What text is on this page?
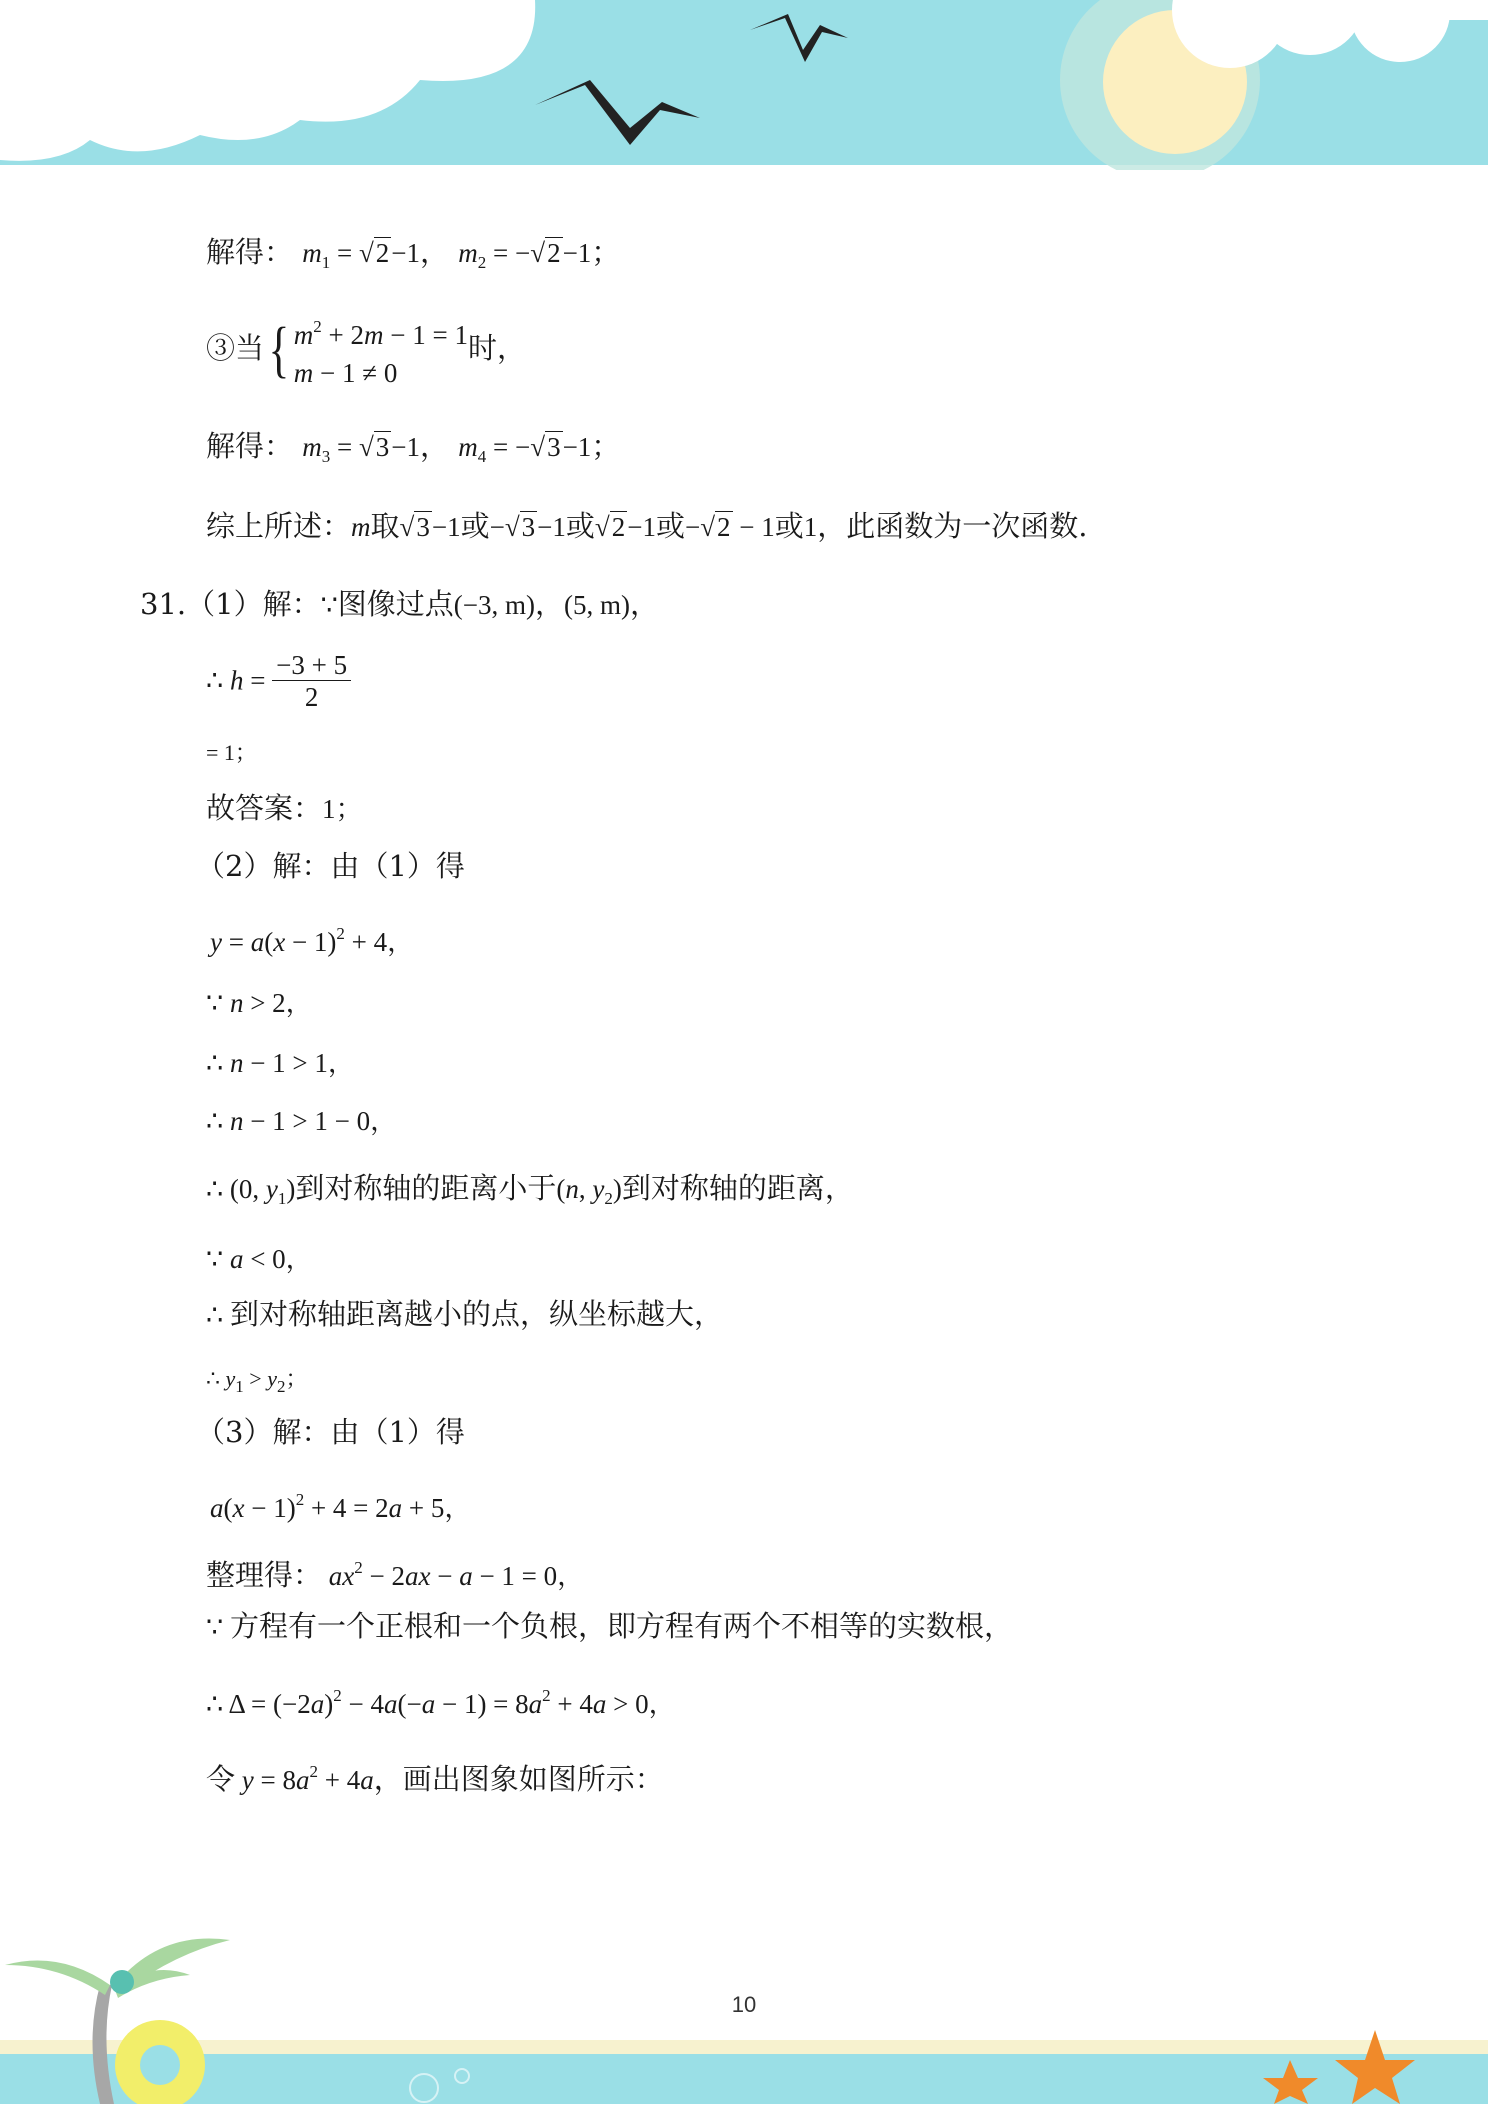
解得： $m_1 = √2-1$， $m_2 = -√2-1$；
③当 { $m^2 + 2m - 1 = 1$
m − 1 ≠ 0
时，
解得： $m_3 = √3-1$， $m_4 = -√3-1$；
综上所述：m取√3−1或−√3−1或√2−1或−√2 − 1或1，此函数为一次函数.
31.（1）解：∵图像过点(−3, m)，(5, m)，
∴ $h = \frac{-3 + 5}{2}$
= 1；
故答案：1；
（2）解：由（1）得
$y = a(x - 1)^2 + 4$，
∵ n > 2，
∴ n − 1 > 1，
∴ n − 1 > 1 − 0，
∴ (0, $y_1$)到对称轴的距离小于(n, $y_2$)到对称轴的距离，
∵ a < 0，
∴ 到对称轴距离越小的点，纵坐标越大，
∴ $y_1 > y_2$；
（3）解：由（1）得
$a(x - 1)^2 + 4 = 2a + 5$，
整理得： $ax^2 - 2ax - a - 1 = 0$，
∵ 方程有一个正根和一个负根，即方程有两个不相等的实数根，
∴ $\Delta = (-2a)^2 - 4a(-a - 1) = 8a^2 + 4a > 0$，
令 $y = 8a^2 + 4a$，画出图象如图所示：
10
